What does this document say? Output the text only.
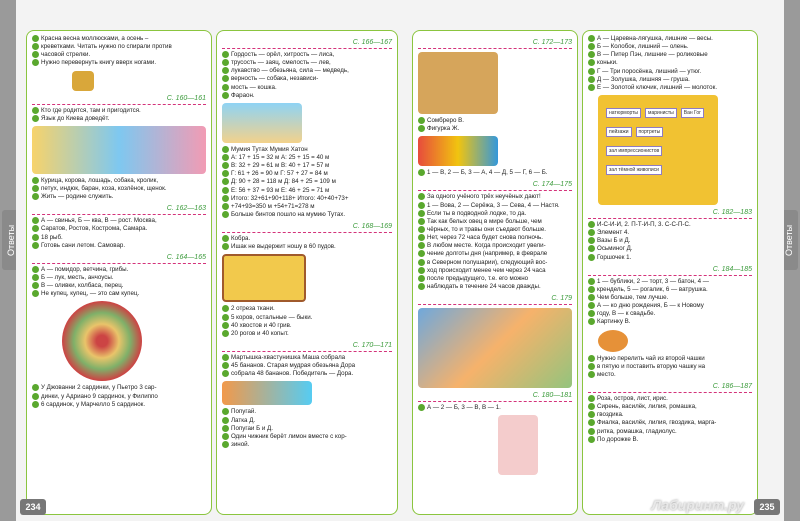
Ответы	Ответы
Красна весна моллюсками, а осень –
креветками. Читать нужно по спирали против
часовой стрелки.
Нужно перевернуть книгу вверх ногами.
С. 160—161
Кто где родится, там и пригодится.
Язык до Киева доведёт.
Курица, корова, лошадь, собака, кролик,
петух, индюк, баран, коза, козлёнок, щенок.
Жить — родине служить.
С. 162—163
А — свинья, Б — ква, В — рост. Москва,
Саратов, Ростов, Кострома, Самара.
18 рыб.
Готовь сани летом. Самовар.
С. 164—165
А — помидор, ветчина, грибы.
Б — лук, месть, анчоусы.
В — оливки, колбаса, перец.
Не купец, купец, — это сам купец.
У Джованни 2 сардинки, у Пьетро 3 сар-
динки, у Адриано 9 сардинок, у Филиппо
6 сардинок, у Марчелло 5 сардинок.
С. 166—167
Гордость — орёл, хитрость — лиса,
трусость — заяц, смелость — лев,
лукавство — обезьяна, сила — медведь,
верность — собака, независи-
мость — кошка.
Фараон.
Мумия Тутах Мумия Хатон
А: 17 + 15 = 32 м А: 25 + 15 = 40 м
В: 32 + 29 = 61 м В: 40 + 17 = 57 м
Г: 61 + 26 = 90 м Г: 57 + 27 = 84 м
Д: 90 + 28 = 118 м Д: 84 + 25 = 109 м
Е: 56 + 37 = 93 м Е: 46 + 25 = 71 м
Итого: 32+61+90+118+ Итого: 40+40+73+
+74+93=350 м +54+71=278 м
Больше бинтов пошло на мумию Тутах.
С. 168—169
Кобра.
Ишак не выдержит ношу в 60 пудов.
2 отреза ткани.
5 коров, остальные — быки.
40 хвостов и 40 грив.
20 рогов и 40 копыт.
С. 170—171
Мартышка-хвастунишка Маша собрала
45 бананов. Старая мудрая обезьяна Дора
собрала 48 бананов. Победитель — Дора.
Попугай.
Латка Д.
Попугаи Б и Д.
Один чижник берёт лимон вместе с кор-
зиной.
234
С. 172—173
Сомбреро В.
Фигурка Ж.
1 — В, 2 — Б, 3 — А, 4 — Д, 5 — Г, 6 — Б.
С. 174—175
За одного учёного трёх неучёных дают!
1 — Вова, 2 — Серёжа, 3 — Сева, 4 — Настя.
Если ты в подводной лодке, то да.
Так как белых овец в мире больше, чем
чёрных, то и травы они съедают больше.
Нет, через 72 часа будет снова полночь.
В любом месте. Когда происходит увели-
чение долготы дня (например, в феврале
в Северном полушарии), следующий вос-
ход происходит менее чем через 24 часа
после предыдущего, т.е. его можно
наблюдать в течение 24 часов дважды.
С. 179
С. 180—181
А — 2 — Б, 3 — В, В — 1.
А — Царевна-лягушка, лишние — весы.
Б — Колобок, лишний — олень.
В — Питер Пэн, лишние — роликовые
коньки.
Г — Три поросёнка, лишний — утюг.
Д — Золушка, лишняя — груша.
Е — Золотой ключик, лишний — молоток.
натюрморты маринисты Ван Гогпейзажи портретызал импрессионистовзал тёмной живописи
С. 182—183
И-С-И-Й, 2. П-Т-И-П, 3. С-С-П-С.
Элемент 4.
Вазы Б и Д.
Осьминог Д.
Горшочек 1.
С. 184—185
1 — бублики, 2 — торт, 3 — батон, 4 —
крендель, 5 — рогалик, 6 — ватрушка.
Чем больше, тем лучше.
А — ко дню рождения, Б — к Новому
году, В — к свадьбе.
Картинку В.
Нужно перелить чай из второй чашки
в пятую и поставить вторую чашку на
место.
С. 186—187
Роза, остров, лист, ирис.
Сирень, василёк, лилия, ромашка,
гвоздика.
Фиалка, василёк, лилия, гвоздика, марга-
ритка, ромашка, гладиолус.
По дорожке В.
235
Лабиринт.ру
